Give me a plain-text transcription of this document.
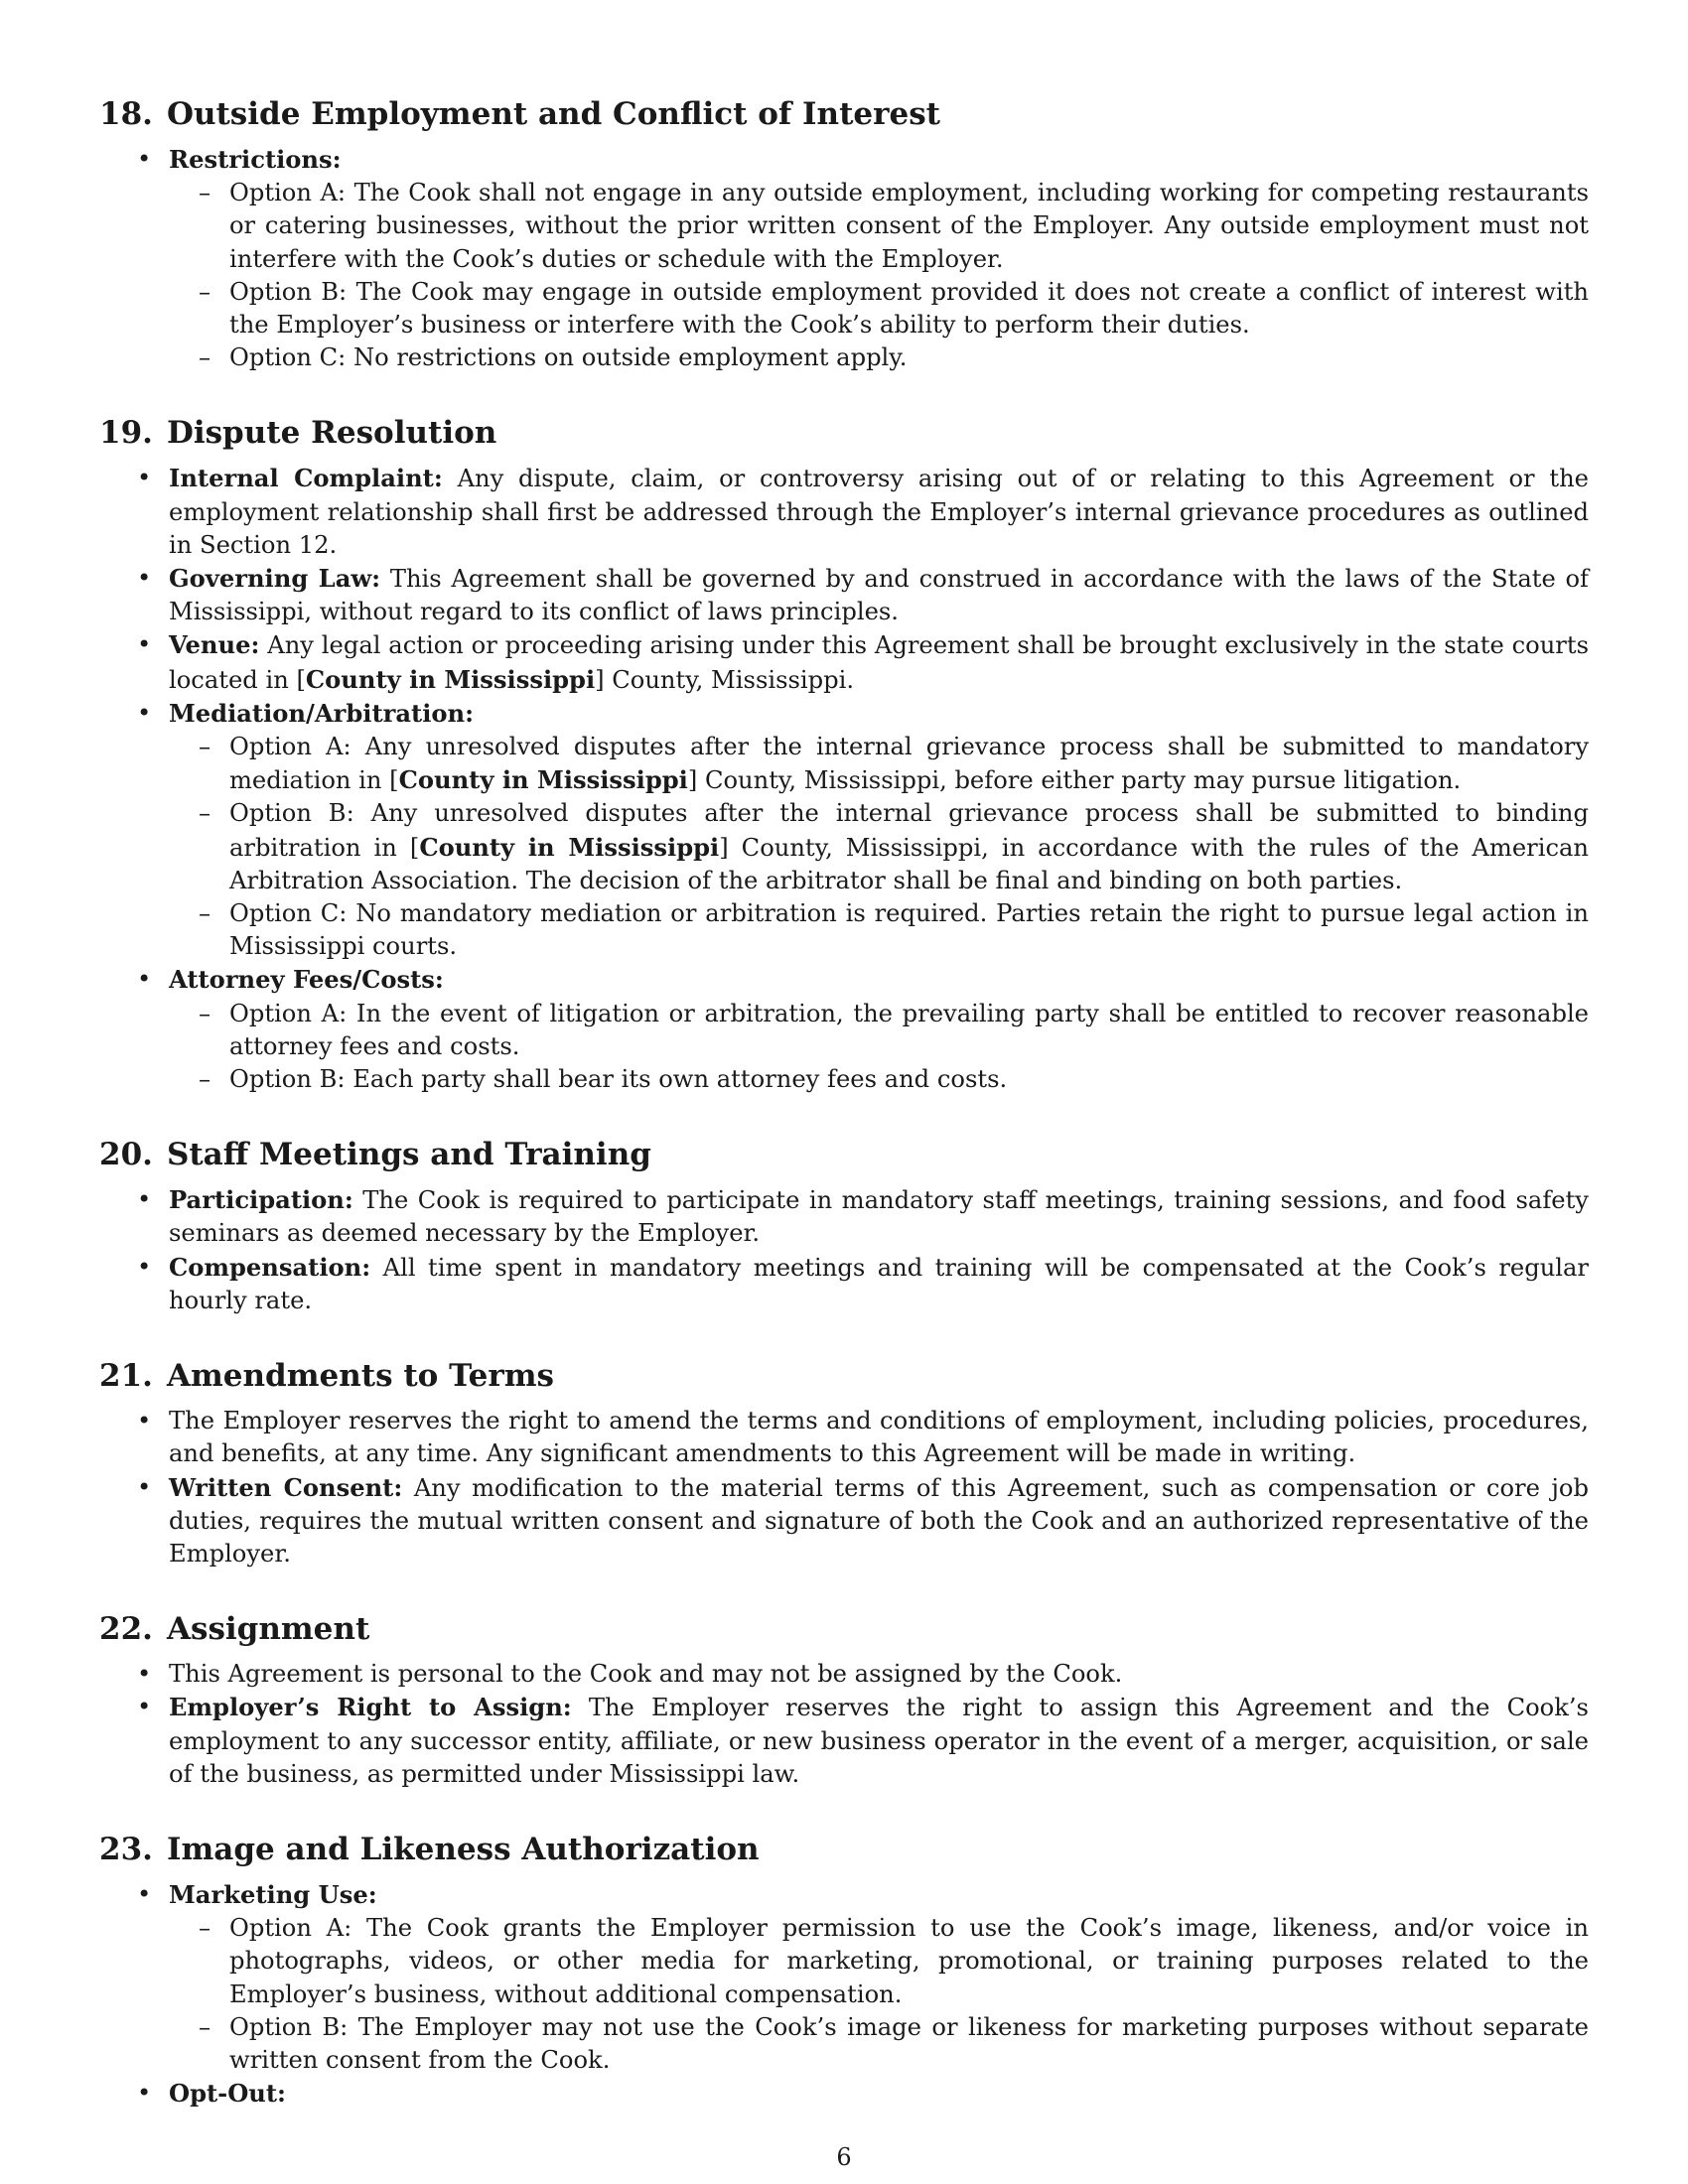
18. Outside Employment and Conflict of Interest
• Restrictions:
– Option A: The Cook shall not engage in any outside employment, including working for competing restaurants or catering businesses, without the prior written consent of the Employer. Any outside employment must not interfere with the Cook’s duties or schedule with the Employer.
– Option B: The Cook may engage in outside employment provided it does not create a conflict of interest with the Employer’s business or interfere with the Cook’s ability to perform their duties.
– Option C: No restrictions on outside employment apply.
19. Dispute Resolution
• Internal Complaint: Any dispute, claim, or controversy arising out of or relating to this Agreement or the employment relationship shall first be addressed through the Employer’s internal grievance procedures as outlined in Section 12.
• Governing Law: This Agreement shall be governed by and construed in accordance with the laws of the State of Mississippi, without regard to its conflict of laws principles.
• Venue: Any legal action or proceeding arising under this Agreement shall be brought exclusively in the state courts located in [County in Mississippi] County, Mississippi.
• Mediation/Arbitration:
– Option A: Any unresolved disputes after the internal grievance process shall be submitted to mandatory mediation in [County in Mississippi] County, Mississippi, before either party may pursue litigation.
– Option B: Any unresolved disputes after the internal grievance process shall be submitted to binding arbitration in [County in Mississippi] County, Mississippi, in accordance with the rules of the American Arbitration Association. The decision of the arbitrator shall be final and binding on both parties.
– Option C: No mandatory mediation or arbitration is required. Parties retain the right to pursue legal action in Mississippi courts.
• Attorney Fees/Costs:
– Option A: In the event of litigation or arbitration, the prevailing party shall be entitled to recover reasonable attorney fees and costs.
– Option B: Each party shall bear its own attorney fees and costs.
20. Staff Meetings and Training
• Participation: The Cook is required to participate in mandatory staff meetings, training sessions, and food safety seminars as deemed necessary by the Employer.
• Compensation: All time spent in mandatory meetings and training will be compensated at the Cook’s regular hourly rate.
21. Amendments to Terms
• The Employer reserves the right to amend the terms and conditions of employment, including policies, procedures, and benefits, at any time. Any significant amendments to this Agreement will be made in writing.
• Written Consent: Any modification to the material terms of this Agreement, such as compensation or core job duties, requires the mutual written consent and signature of both the Cook and an authorized representative of the Employer.
22. Assignment
• This Agreement is personal to the Cook and may not be assigned by the Cook.
• Employer’s Right to Assign: The Employer reserves the right to assign this Agreement and the Cook’s employment to any successor entity, affiliate, or new business operator in the event of a merger, acquisition, or sale of the business, as permitted under Mississippi law.
23. Image and Likeness Authorization
• Marketing Use:
– Option A: The Cook grants the Employer permission to use the Cook’s image, likeness, and/or voice in photographs, videos, or other media for marketing, promotional, or training purposes related to the Employer’s business, without additional compensation.
– Option B: The Employer may not use the Cook’s image or likeness for marketing purposes without separate written consent from the Cook.
• Opt-Out:
6
